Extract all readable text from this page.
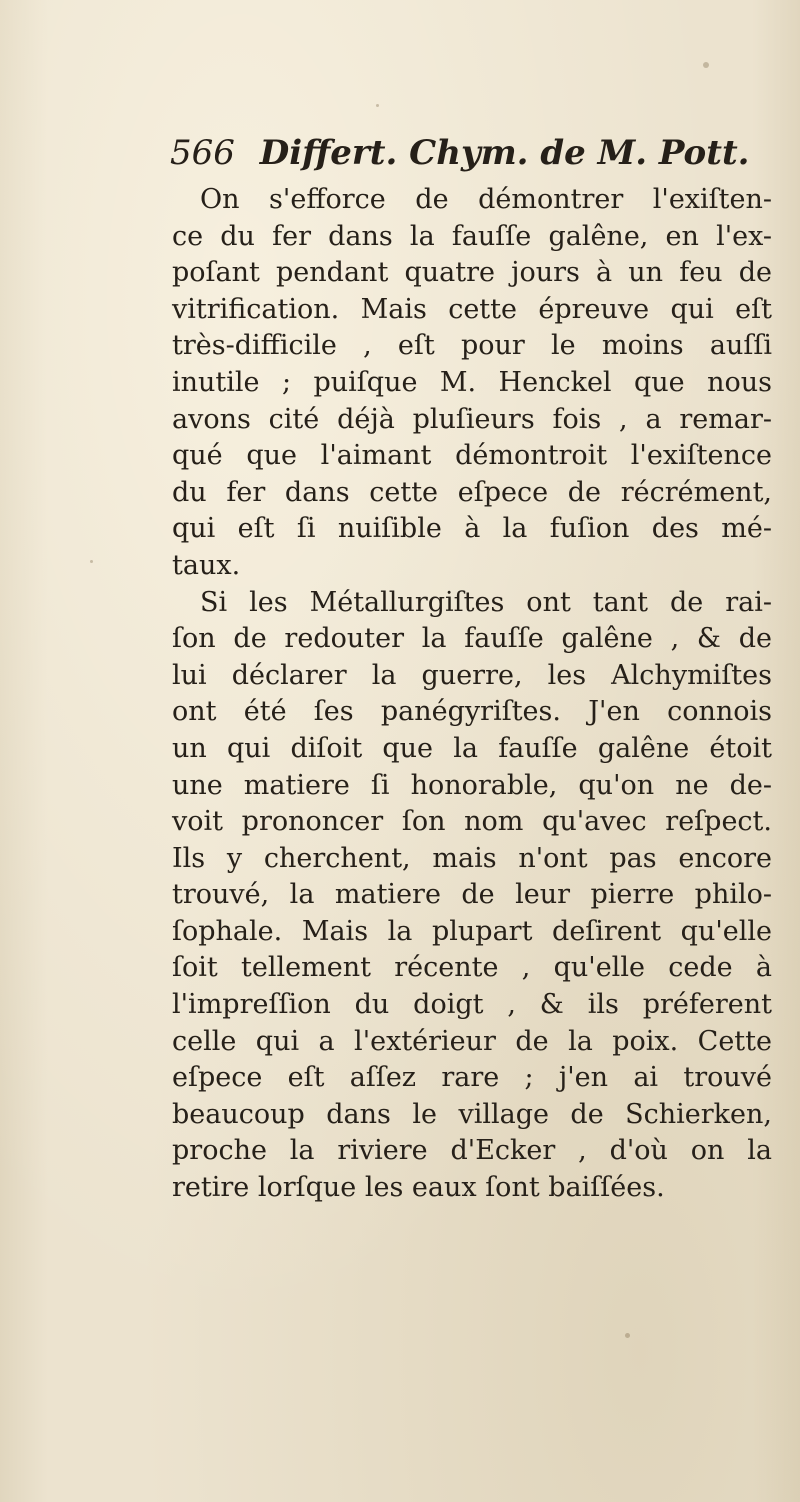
566 Differt. Chym. de M. Pott.
On s'efforce de démontrer l'exiſten-
ce du fer dans la fauſſe galêne, en l'ex-
poſant pendant quatre jours à un feu de
vitrification. Mais cette épreuve qui eſt
très-difficile , eſt pour le moins auſſi
inutile ; puiſque M. Henckel que nous
avons cité déjà pluſieurs fois , a remar-
qué que l'aimant démontroit l'exiſtence
du fer dans cette eſpece de récrément,
qui eſt ſi nuiſible à la fuſion des mé-
taux.
Si les Métallurgiſtes ont tant de rai-
ſon de redouter la fauſſe galêne , & de
lui déclarer la guerre, les Alchymiſtes
ont été ſes panégyriſtes. J'en connois
un qui diſoit que la fauſſe galêne étoit
une matiere ſi honorable, qu'on ne de-
voit prononcer ſon nom qu'avec reſpect.
Ils y cherchent, mais n'ont pas encore
trouvé, la matiere de leur pierre philo-
ſophale. Mais la plupart deſirent qu'elle
ſoit tellement récente , qu'elle cede à
l'impreſſion du doigt , & ils préferent
celle qui a l'extérieur de la poix. Cette
eſpece eſt aſſez rare ; j'en ai trouvé
beaucoup dans le village de Schierken,
proche la riviere d'Ecker , d'où on la
retire lorſque les eaux ſont baiſſées.
